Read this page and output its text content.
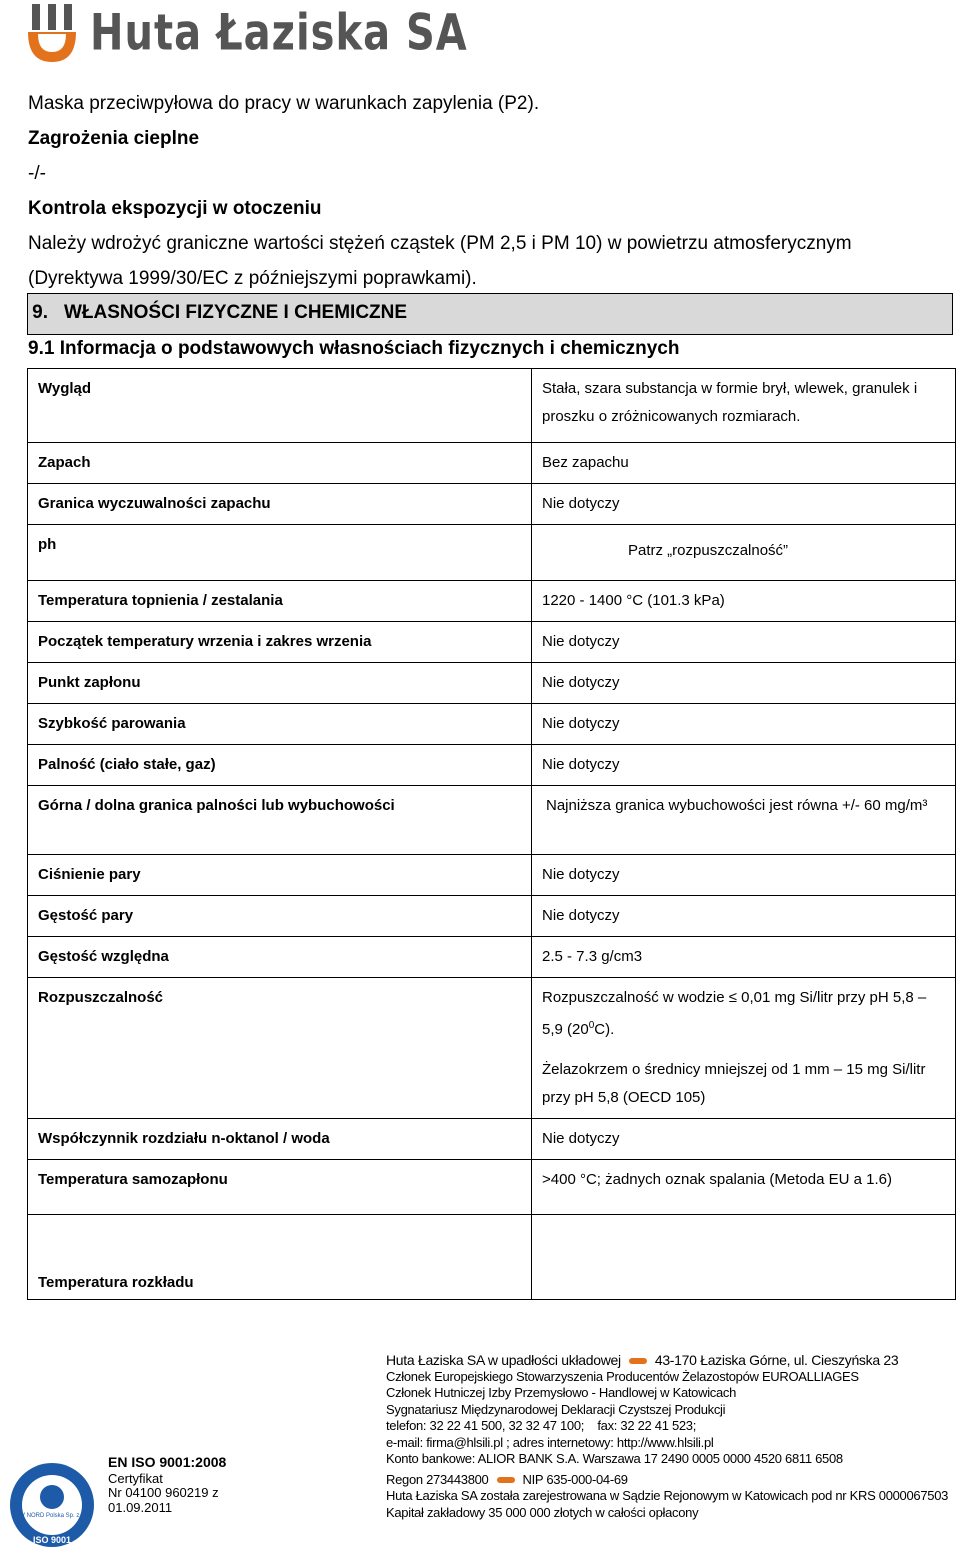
Huta Łaziska SA

Maska przeciwpyłowa do pracy w warunkach zapylenia (P2).

Zagrożenia cieplne

-/-

Kontrola ekspozycji w otoczeniu

Należy wdrożyć graniczne wartości stężeń cząstek (PM 2,5 i PM 10) w powietrzu atmosferycznym

(Dyrektywa 1999/30/EC z późniejszymi poprawkami).

9. WŁASNOŚCI FIZYCZNE I CHEMICZNE
9.1 Informacja o podstawowych własnościach fizycznych i chemicznych
Wygląd	Stała, szara substancja w formie brył, wlewek, granulek i proszku o zróżnicowanych rozmiarach.
Zapach	Bez zapachu
Granica wyczuwalności zapachu	Nie dotyczy
ph	Patrz „rozpuszczalność”
Temperatura topnienia / zestalania	1220 - 1400 °C (101.3 kPa)
Początek temperatury wrzenia i zakres wrzenia	Nie dotyczy
Punkt zapłonu	Nie dotyczy
Szybkość parowania	Nie dotyczy
Palność (ciało stałe, gaz)	Nie dotyczy
Górna / dolna granica palności lub wybuchowości	Najniższa granica wybuchowości jest równa +/- 60 mg/m³
Ciśnienie pary	Nie dotyczy
Gęstość pary	Nie dotyczy
Gęstość względna	2.5 - 7.3 g/cm3
Rozpuszczalność	Rozpuszczalność w wodzie ≤ 0,01 mg Si/litr przy pH 5,8 – 5,9 $(20^0C)$.
Żelazokrzem o średnicy mniejszej od 1 mm – 15 mg Si/litr przy pH 5,8 (OECD 105)

Współczynnik rozdziału n-oktanol / woda	Nie dotyczy
Temperatura samozapłonu	>400 °C; żadnych oznak spalania (Metoda EU a 1.6)
Temperatura rozkładu	
Huta Łaziska SA w upadłości układowej 43-170 Łaziska Górne, ul. Cieszyńska 23
Członek Europejskiego Stowarzyszenia Producentów Żelazostopów EUROALLIAGES
Członek Hutniczej Izby Przemysłowo - Handlowej w Katowicach
Sygnatariusz Międzynarodowej Deklaracji Czystszej Produkcji
telefon: 32 22 41 500, 32 32 47 100; fax: 32 22 41 523;
e-mail: firma@hlsili.pl ; adres internetowy: http://www.hlsili.pl
Konto bankowe: ALIOR BANK S.A. Warszawa 17 2490 0005 0000 4520 6811 6508
Regon 273443800	NIP 635-000-04-69
Huta Łaziska SA została zarejestrowana w Sądzie Rejonowym w Katowicach pod nr KRS 0000067503
Kapitał zakładowy 35 000 000 złotych w całości opłacony
TÜV NORD Polska Sp. z o.o.
ISO 9001
EN ISO 9001:2008
Certyfikat
Nr 04100 960219 z
01.09.2011
